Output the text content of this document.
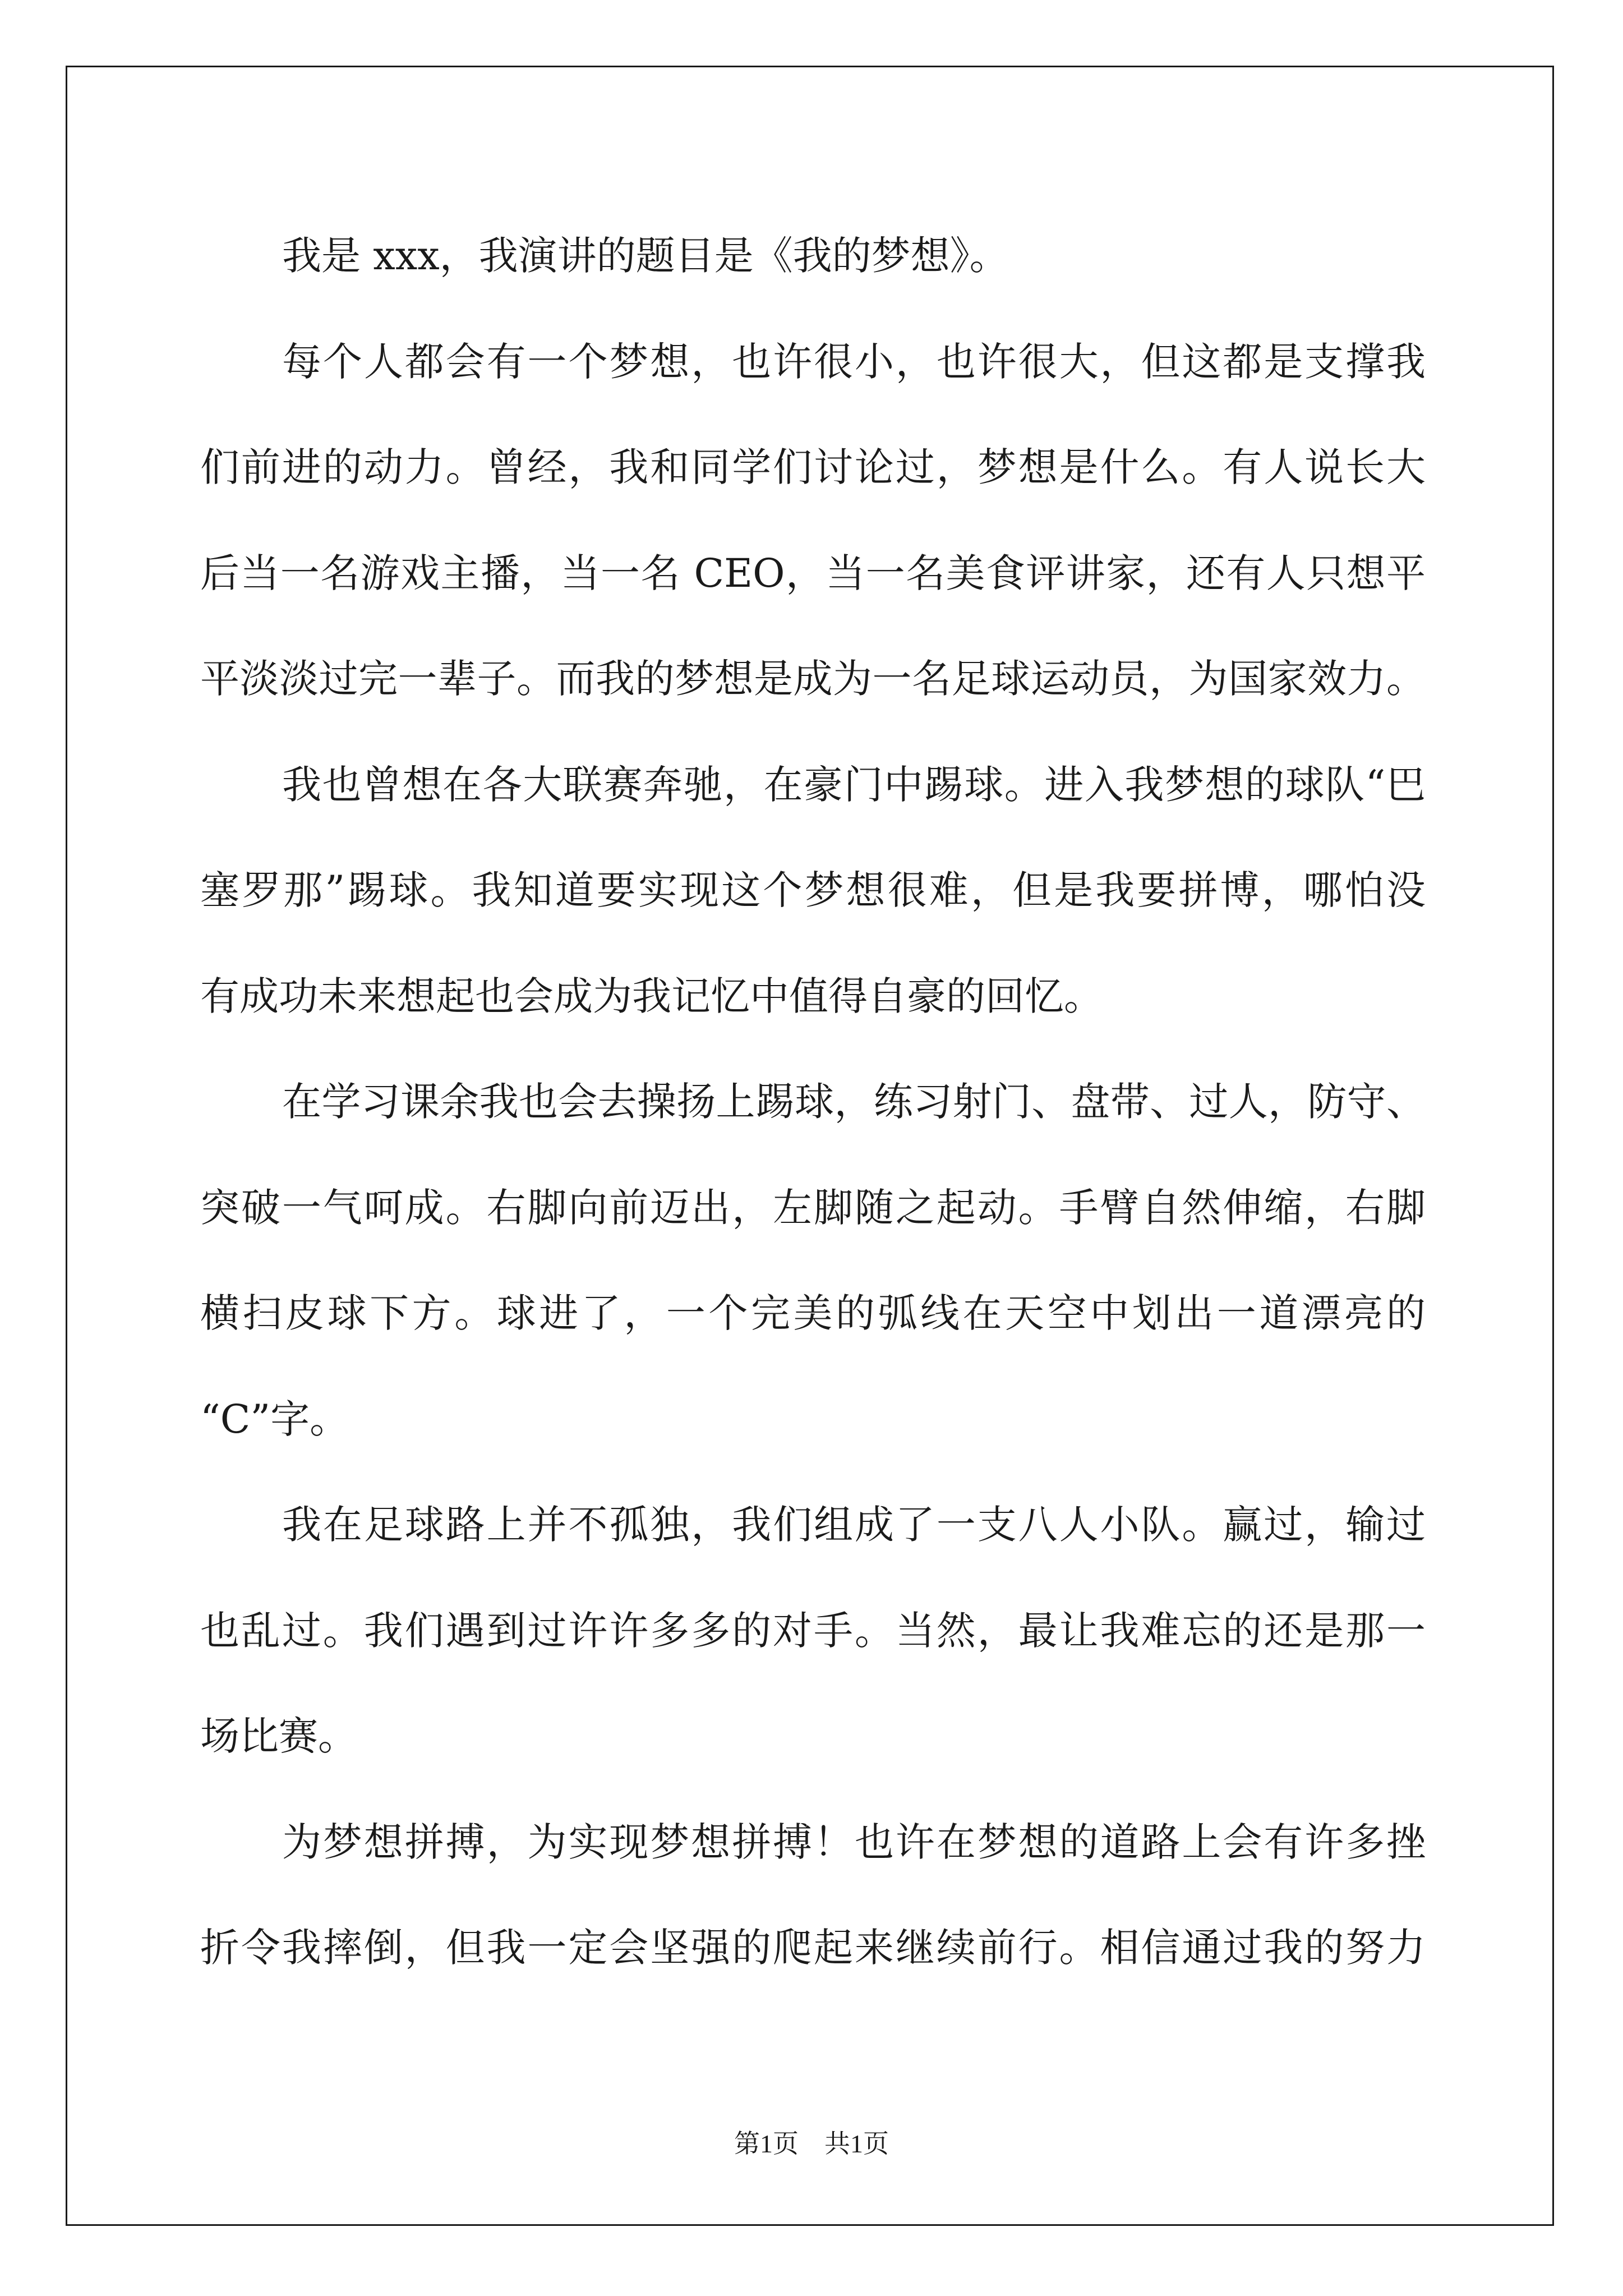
我是 xxx，我演讲的题目是《我的梦想》。
每个人都会有一个梦想，也许很小，也许很大，但这都是支撑我
们前进的动力。曾经，我和同学们讨论过，梦想是什么。有人说长大
后当一名游戏主播，当一名 CEO，当一名美食评讲家，还有人只想平
平淡淡过完一辈子。而我的梦想是成为一名足球运动员，为国家效力。
我也曾想在各大联赛奔驰，在豪门中踢球。进入我梦想的球队“巴
塞罗那”踢球。我知道要实现这个梦想很难，但是我要拼博，哪怕没
有成功未来想起也会成为我记忆中值得自豪的回忆。
在学习课余我也会去操扬上踢球，练习射门、盘带、过人，防守、
突破一气呵成。右脚向前迈出，左脚随之起动。手臂自然伸缩，右脚
横扫皮球下方。球进了，一个完美的弧线在天空中划出一道漂亮的
“C”字。
我在足球路上并不孤独，我们组成了一支八人小队。赢过，输过
也乱过。我们遇到过许许多多的对手。当然，最让我难忘的还是那一
场比赛。
为梦想拼搏，为实现梦想拼搏！也许在梦想的道路上会有许多挫
折令我摔倒，但我一定会坚强的爬起来继续前行。相信通过我的努力
第1页 共1页
